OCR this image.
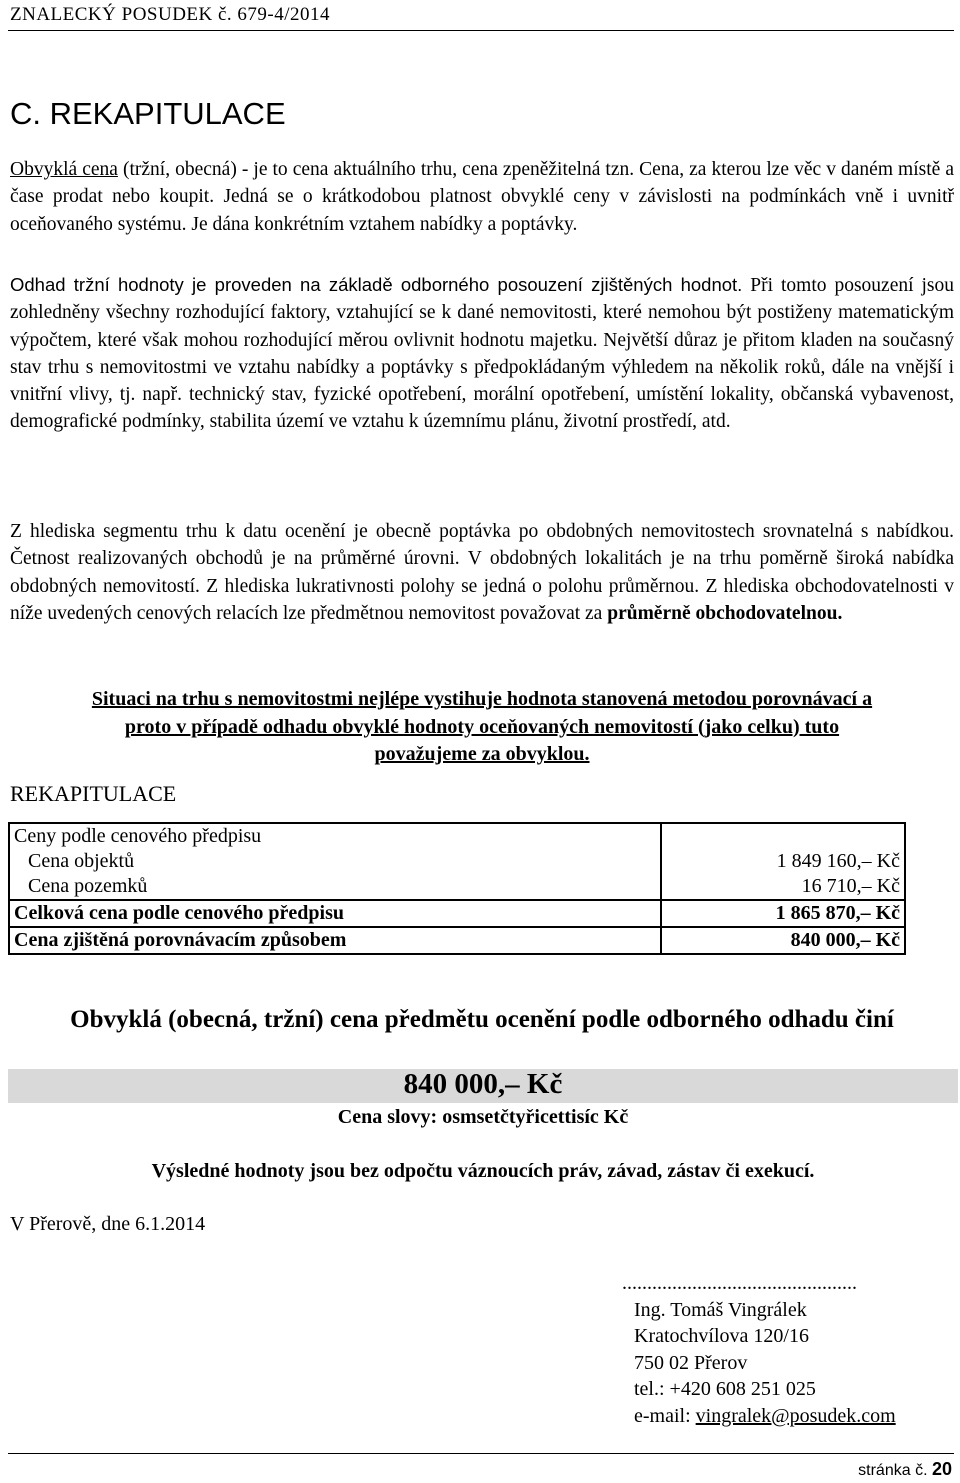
ZNALECKÝ POSUDEK č. 679-4/2014
C. REKAPITULACE

Obvyklá cena (tržní, obecná) - je to cena aktuálního trhu, cena zpeněžitelná tzn. Cena, za kterou lze věc v daném místě a čase prodat nebo koupit. Jedná se o krátkodobou platnost obvyklé ceny v závislosti na podmínkách vně i uvnitř oceňovaného systému. Je dána konkrétním vztahem nabídky a poptávky.

Odhad tržní hodnoty je proveden na základě odborného posouzení zjištěných hodnot. Při tomto posouzení jsou zohledněny všechny rozhodující faktory, vztahující se k dané nemovitosti, které nemohou být postiženy matematickým výpočtem, které však mohou rozhodující měrou ovlivnit hodnotu majetku. Největší důraz je přitom kladen na současný stav trhu s nemovitostmi ve vztahu nabídky a poptávky s předpokládaným výhledem na několik roků, dále na vnější i vnitřní vlivy, tj. např. technický stav, fyzické opotřebení, morální opotřebení, umístění lokality, občanská vybavenost, demografické podmínky, stabilita území ve vztahu k územnímu plánu, životní prostředí, atd.

Z hlediska segmentu trhu k datu ocenění je obecně poptávka po obdobných nemovitostech srovnatelná s nabídkou. Četnost realizovaných obchodů je na průměrné úrovni. V obdobných lokalitách je na trhu poměrně široká nabídka obdobných nemovitostí. Z hlediska lukrativnosti polohy se jedná o polohu průměrnou. Z hlediska obchodovatelnosti v níže uvedených cenových relacích lze předmětnou nemovitost považovat za průměrně obchodovatelnou.

Situaci na trhu s nemovitostmi nejlépe vystihuje hodnota stanovená metodou porovnávací a
proto v případě odhadu obvyklé hodnoty oceňovaných nemovitostí (jako celku) tuto
považujeme za obvyklou.
REKAPITULACE
Ceny podle cenového předpisu	
Cena objektů	1 849 160,– Kč
Cena pozemků	16 710,– Kč
Celková cena podle cenového předpisu	1 865 870,– Kč
Cena zjištěná porovnávacím způsobem	840 000,– Kč
Obvyklá (obecná, tržní) cena předmětu ocenění podle odborného odhadu činí
840 000,– Kč
Cena slovy: osmsetčtyřicettisíc Kč
Výsledné hodnoty jsou bez odpočtu váznoucích práv, závad, zástav či exekucí.
V Přerově, dne 6.1.2014
...............................................
Ing. Tomáš Vingrálek
Kratochvílova 120/16
750 02 Přerov
tel.: +420 608 251 025
e-mail: vingralek@posudek.com
stránka č. 20
